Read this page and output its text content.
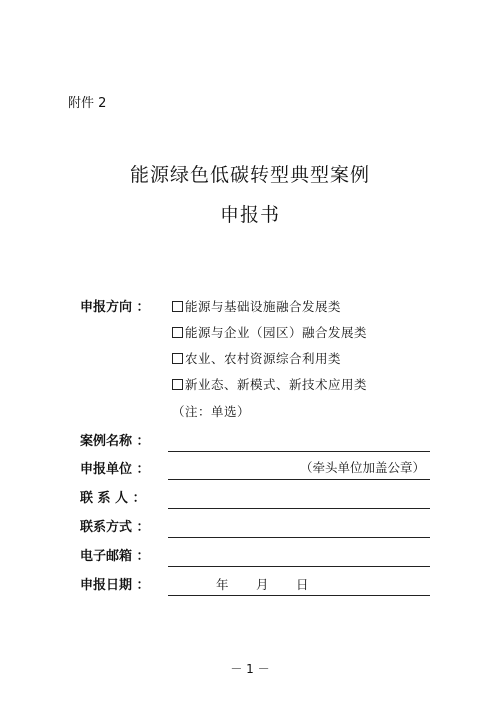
附件 2
能源绿色低碳转型典型案例
申报书
申报方向 ：	能源与基础设施融合发展类
能源与企业（园区）融合发展类
农业、农村资源综合利用类
新业态、新模式、新技术应用类
（注：单选）
案例名称 ：
申报单位 ：	（牵头单位加盖公章）
联 系 人 ：
联系方式 ：
电子邮箱 ：
申报日期 ：	年 月 日
－ 1 －
